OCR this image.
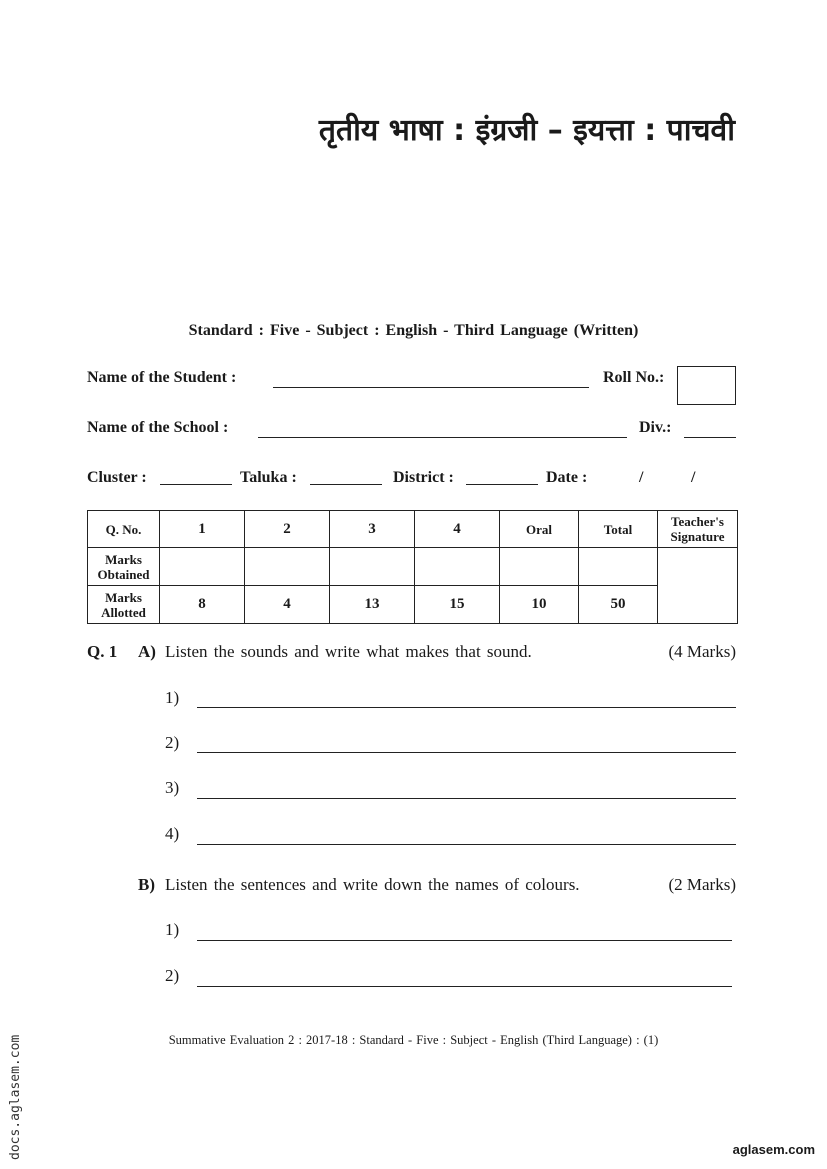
तृतीय भाषा : इंग्रजी – इयत्ता : पाचवी
Standard : Five - Subject : English - Third Language (Written)
Name of the Student :	Roll No.:
Name of the School :	Div.:
Cluster :	Taluka :	District :	Date :	/	/
Q. No.	1	2	3	4	Oral	Total	Teacher's Signature
Marks Obtained							
Marks Allotted	8	4	13	15	10	50	
Q. 1 A) Listen the sounds and write what makes that sound.	(4 Marks)
1)
2)
3)
4)
B) Listen the sentences and write down the names of colours.	(2 Marks)
1)
2)
Summative Evaluation 2 : 2017-18 : Standard - Five : Subject - English (Third Language) : (1)
docs.aglasem.com	aglasem.com
